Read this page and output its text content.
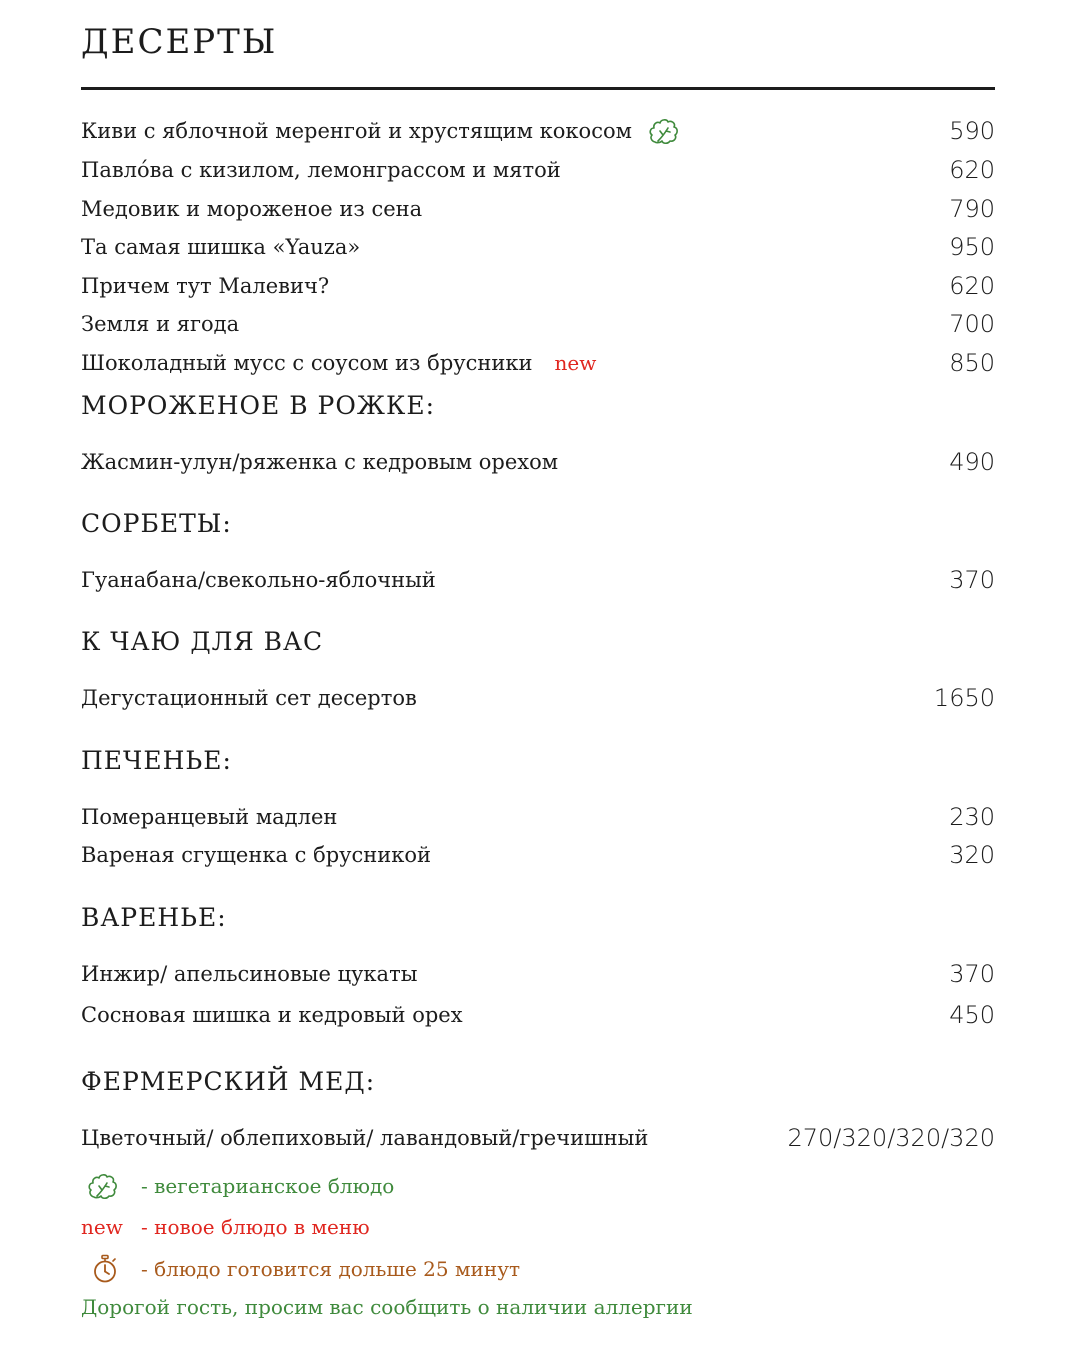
ДЕСЕРТЫ
Киви с яблочной меренгой и хрустящим кокосом	590
Павло́ва с кизилом, лемонграссом и мятой	620
Медовик и мороженое из сена	790
Та самая шишка «Yauza»	950
Причем тут Малевич?	620
Земля и ягода	700
Шоколадный мусс с соусом из брусники new	850
МОРОЖЕНОЕ В РОЖКЕ:
Жасмин-улун/ряженка с кедровым орехом	490
СОРБЕТЫ:
Гуанабана/свекольно-яблочный	370
К ЧАЮ ДЛЯ ВАС
Дегустационный сет десертов	1650
ПЕЧЕНЬЕ:
Померанцевый мадлен	230
Вареная сгущенка с брусникой	320
ВАРЕНЬЕ:
Инжир/ апельсиновые цукаты	370
Сосновая шишка и кедровый орех	450
ФЕРМЕРСКИЙ МЕД:
Цветочный/ облепиховый/ лавандовый/гречишный	270/320/320/320
- вегетарианское блюдо
new - новое блюдо в меню
- блюдо готовится дольше 25 минут
Дорогой гость, просим вас сообщить о наличии аллергии
